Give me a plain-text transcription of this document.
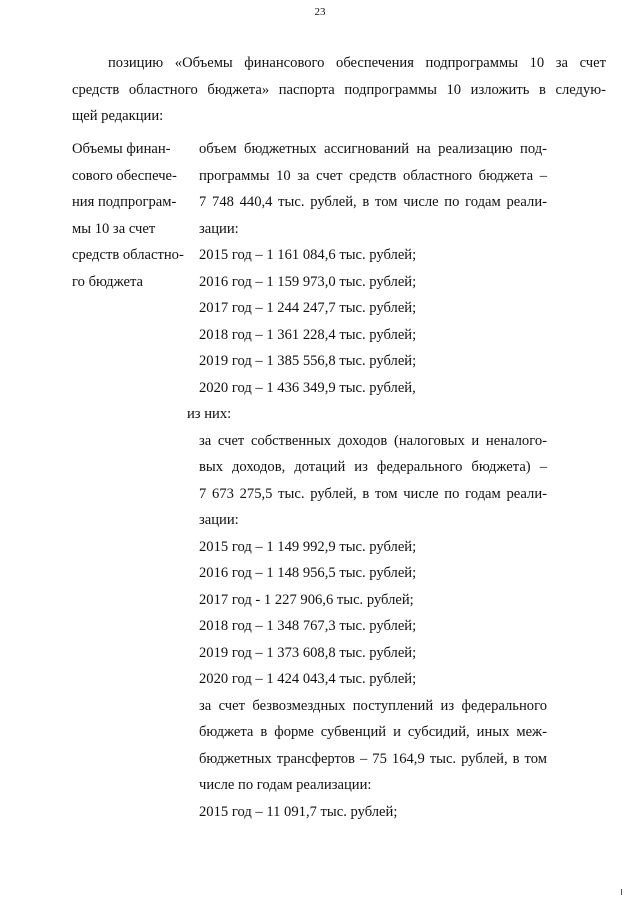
23
позицию «Объемы финансового обеспечения подпрограммы 10 за счет
средств областного бюджета» паспорта подпрограммы 10 изложить в следую-
щей редакции:
Объемы финан-
сового обеспече-
ния подпрограм-
мы 10 за счет
средств областно-
го бюджета
объем бюджетных ассигнований на реализацию под-
программы 10 за счет средств областного бюджета –
7 748 440,4 тыс. рублей, в том числе по годам реали-
зации:
2015 год – 1 161 084,6 тыс. рублей;
2016 год – 1 159 973,0 тыс. рублей;
2017 год – 1 244 247,7 тыс. рублей;
2018 год – 1 361 228,4 тыс. рублей;
2019 год – 1 385 556,8 тыс. рублей;
2020 год – 1 436 349,9 тыс. рублей,
из них:
за счет собственных доходов (налоговых и неналого-
вых доходов, дотаций из федерального бюджета) –
7 673 275,5 тыс. рублей, в том числе по годам реали-
зации:
2015 год – 1 149 992,9 тыс. рублей;
2016 год – 1 148 956,5 тыс. рублей;
2017 год - 1 227 906,6 тыс. рублей;
2018 год – 1 348 767,3 тыс. рублей;
2019 год – 1 373 608,8 тыс. рублей;
2020 год – 1 424 043,4 тыс. рублей;
за счет безвозмездных поступлений из федерального
бюджета в форме субвенций и субсидий, иных меж-
бюджетных трансфертов – 75 164,9 тыс. рублей, в том
числе по годам реализации:
2015 год – 11 091,7 тыс. рублей;
